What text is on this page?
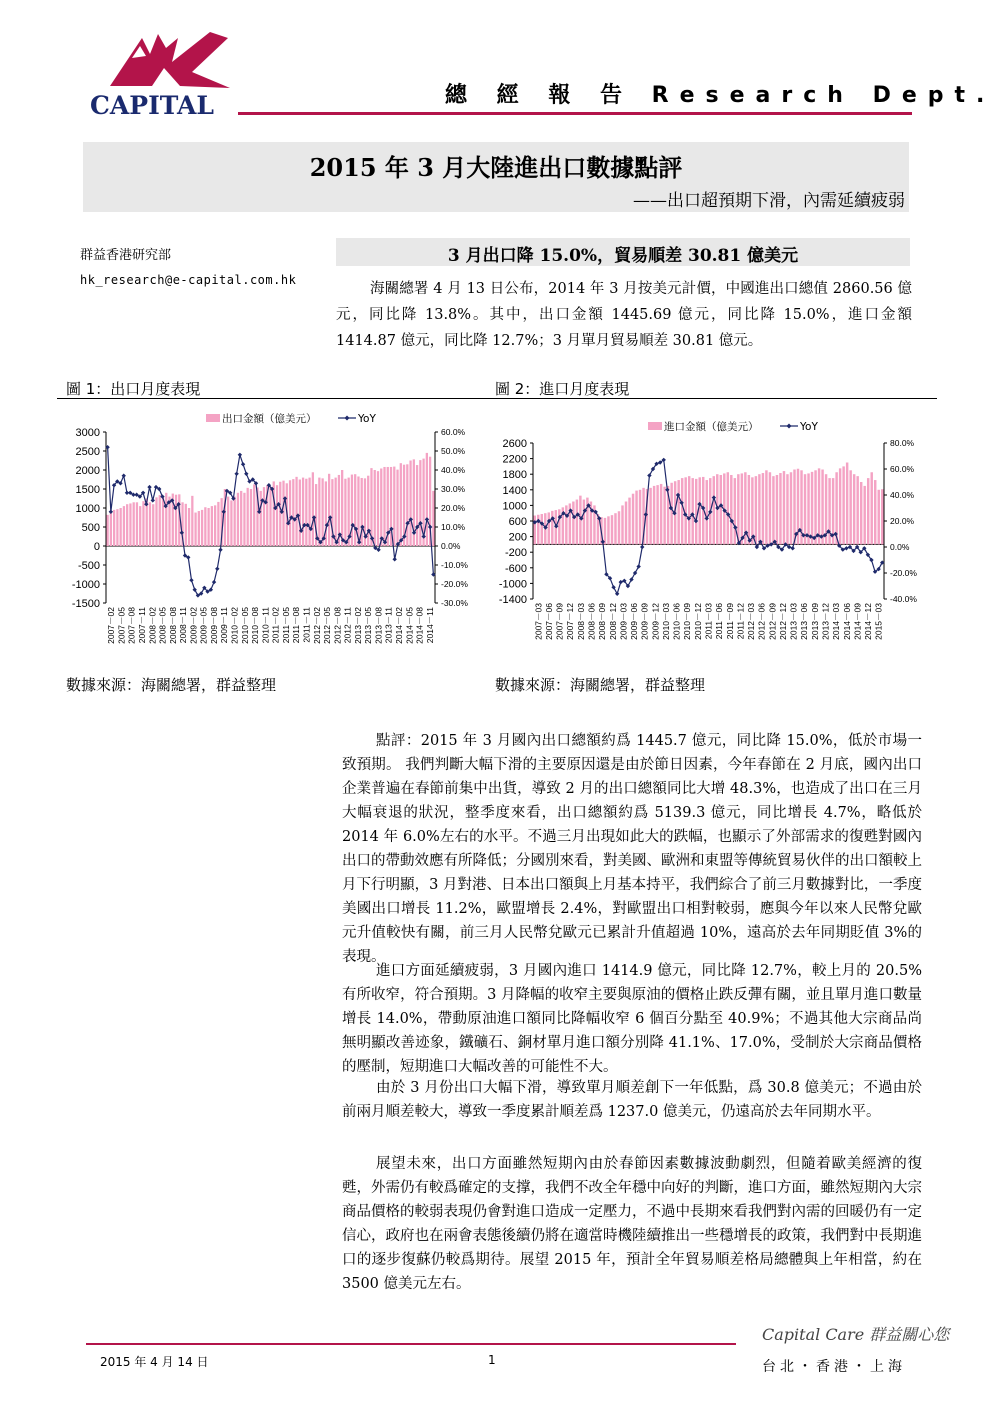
CAPITAL	總 經 報 告 Research Dept.
2015 年 3 月大陸進出口數據點評
——出口超預期下滑，內需延續疲弱
群益香港研究部
hk_research@e-capital.com.hk
3 月出口降 15.0%，貿易順差 30.81 億美元
海關總署 4 月 13 日公布，2014 年 3 月按美元計價，中國進出口總值 2860.56 億元，同比降 13.8%。其中，出口金額 1445.69 億元，同比降 15.0%，進口金額 1414.87 億元，同比降 12.7%；3 月單月貿易順差 30.81 億元。
圖 1：出口月度表現	圖 2：進口月度表現
3000
2500
2000
1500
1000
500
0
-500
-1000
-1500
60.0%
50.0%
40.0%
30.0%
20.0%
10.0%
0.0%
-10.0%
-20.0%
-30.0%
2007－02 2007－05 2007－08 2007－11 2008－02 2008－05 2008－08 2008－11 2009－02 2009－05 2009－08 2009－11 2010－02 2010－05 2010－08 2010－11 2011－02 2011－05 2011－08 2011－11 2012－02 2012－05 2012－08 2012－11 2013－02 2013－05 2013－08 2013－11 2014－02 2014－05 2014－08 2014－11
出口金額（億美元）	YoY
2600
2200
1800
1400
1000
600
200
-200
-600
-1000
-1400
80.0%
60.0%
40.0%
20.0%
0.0%
-20.0%
-40.0%
2007－03 2007－06 2007－09 2007－12 2008－03 2008－06 2008－09 2008－12 2009－03 2009－06 2009－09 2009－12 2010－03 2010－06 2010－09 2010－12 2011－03 2011－06 2011－09 2011－12 2012－03 2012－06 2012－09 2012－12 2013－03 2013－06 2013－09 2013－12 2014－03 2014－06 2014－09 2014－12 2015－03
進口金額（億美元）	YoY
數據來源：海關總署，群益整理	數據來源：海關總署，群益整理
點評：2015 年 3 月國內出口總額約爲 1445.7 億元，同比降 15.0%，低於市場一致預期。 我們判斷大幅下滑的主要原因還是由於節日因素，今年春節在 2 月底，國內出口企業普遍在春節前集中出貨，導致 2 月的出口總額同比大增 48.3%，也造成了出口在三月大幅衰退的狀況，整季度來看，出口總額約爲 5139.3 億元，同比增長 4.7%，略低於 2014 年 6.0%左右的水平。不過三月出現如此大的跌幅，也顯示了外部需求的復甦對國內出口的帶動效應有所降低；分國別來看，對美國、歐洲和東盟等傳統貿易伙伴的出口額較上月下行明顯，3 月對港、日本出口額與上月基本持平，我們綜合了前三月數據對比，一季度美國出口增長 11.2%，歐盟增長 2.4%，對歐盟出口相對較弱，應與今年以來人民幣兌歐元升值較快有關，前三月人民幣兌歐元已累計升值超過 10%，遠高於去年同期貶值 3%的表現。
進口方面延續疲弱，3 月國內進口 1414.9 億元，同比降 12.7%，較上月的 20.5%有所收窄，符合預期。3 月降幅的收窄主要與原油的價格止跌反彈有關，並且單月進口數量增長 14.0%，帶動原油進口額同比降幅收窄 6 個百分點至 40.9%；不過其他大宗商品尚無明顯改善迹象，鐵礦石、銅材單月進口額分別降 41.1%、17.0%，受制於大宗商品價格的壓制，短期進口大幅改善的可能性不大。
由於 3 月份出口大幅下滑，導致單月順差創下一年低點，爲 30.8 億美元；不過由於前兩月順差較大，導致一季度累計順差爲 1237.0 億美元，仍遠高於去年同期水平。
展望未來，出口方面雖然短期內由於春節因素數據波動劇烈，但隨着歐美經濟的復甦，外需仍有較爲確定的支撑，我們不改全年穩中向好的判斷，進口方面，雖然短期內大宗商品價格的較弱表現仍會對進口造成一定壓力，不過中長期來看我們對內需的回暖仍有一定信心，政府也在兩會表態後續仍將在適當時機陸續推出一些穩增長的政策，我們對中長期進口的逐步復蘇仍較爲期待。展望 2015 年，預計全年貿易順差格局總體與上年相當，約在 3500 億美元左右。
2015 年 4 月 14 日	1
Capital Care 群益關心您
台北・香港・上海
